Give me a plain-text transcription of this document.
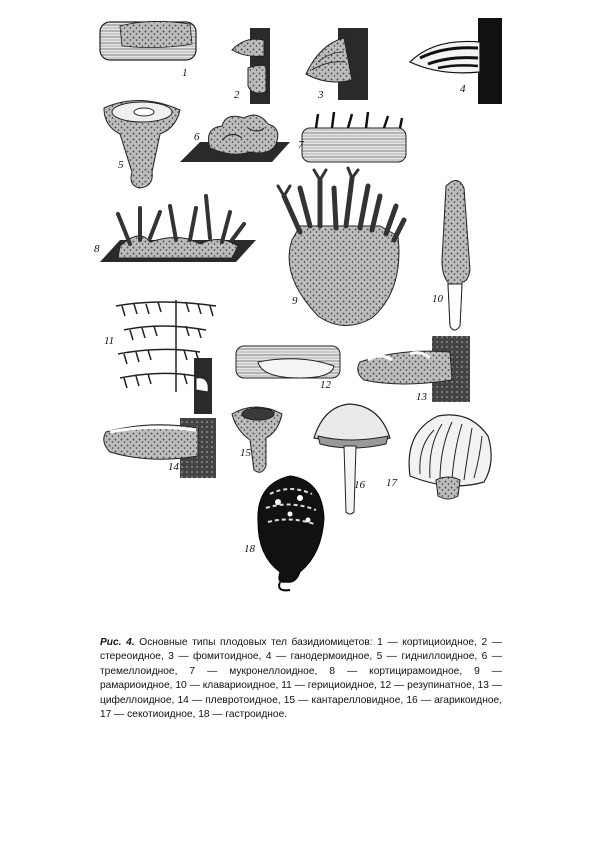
1
2	3	4
5
6
7
8
9	10
11
12
13
14
15
16 17
18
Рис. 4. Основные типы плодовых тел базидиомицетов: 1 — кортициоидное, 2 — стереоидное, 3 — фомитоидное, 4 — ганодермоидное, 5 — гидниллоидное, 6 — тремеллоидное, 7 — мукронеллоидное, 8 — кортицирамоидное, 9 — рамариоидное, 10 — клавариоидное, 11 — герициоидное, 12 — резупинатное, 13 — цифеллоидное, 14 — плевротоидное, 15 — кантарелловидное, 16 — агарикоидное, 17 — секотиоидное, 18 — гастроидное.
